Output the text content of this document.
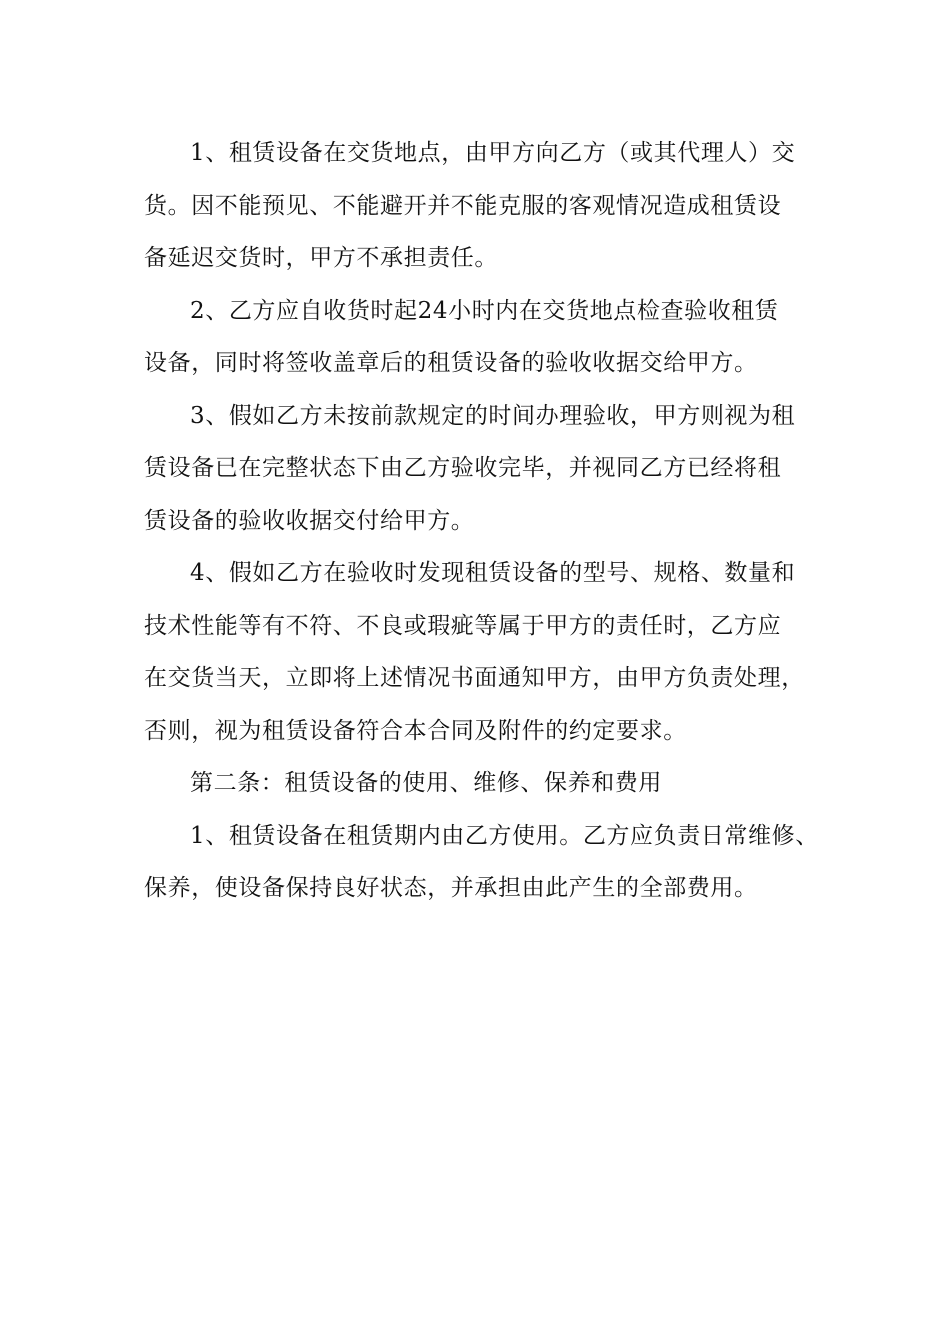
1、租赁设备在交货地点，由甲方向乙方（或其代理人）交
货。因不能预见、不能避开并不能克服的客观情况造成租赁设
备延迟交货时，甲方不承担责任。
2、乙方应自收货时起24小时内在交货地点检查验收租赁
设备，同时将签收盖章后的租赁设备的验收收据交给甲方。
3、假如乙方未按前款规定的时间办理验收，甲方则视为租
赁设备已在完整状态下由乙方验收完毕，并视同乙方已经将租
赁设备的验收收据交付给甲方。
4、假如乙方在验收时发现租赁设备的型号、规格、数量和
技术性能等有不符、不良或瑕疵等属于甲方的责任时，乙方应
在交货当天，立即将上述情况书面通知甲方，由甲方负责处理，
否则，视为租赁设备符合本合同及附件的约定要求。
第二条：租赁设备的使用、维修、保养和费用
1、租赁设备在租赁期内由乙方使用。乙方应负责日常维修、
保养，使设备保持良好状态，并承担由此产生的全部费用。
